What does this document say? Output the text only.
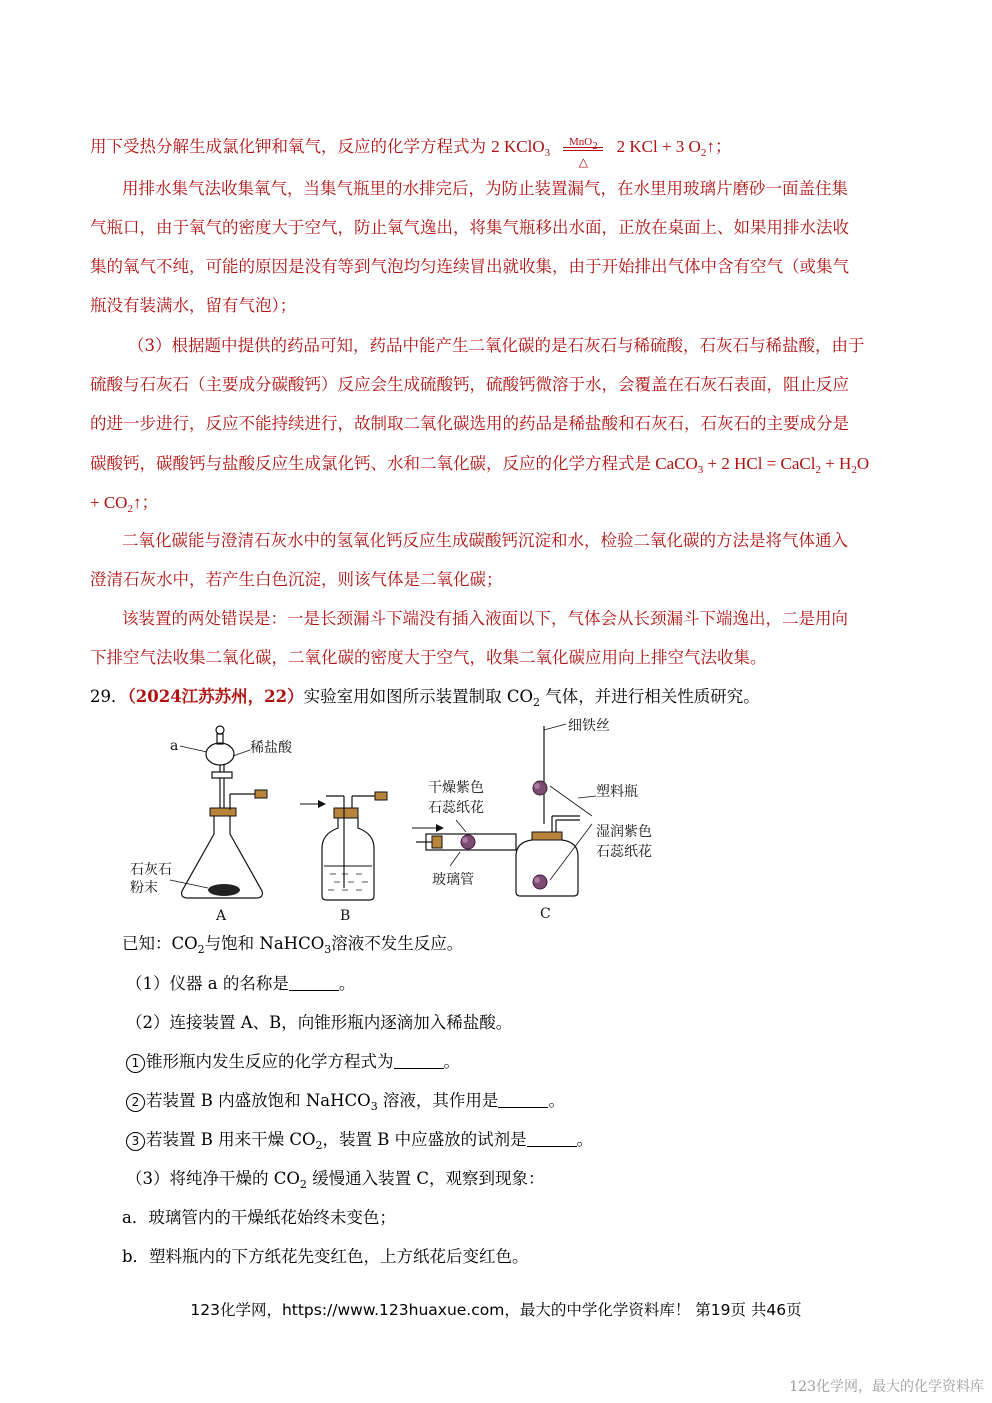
用下受热分解生成氯化钾和氧气，反应的化学方程式为 2 KClO$_3$
MnO$_2$
△
2 KCl + 3 $O_2↑$；
用排水集气法收集氧气，当集气瓶里的水排完后，为防止装置漏气，在水里用玻璃片磨砂一面盖住集
气瓶口，由于氧气的密度大于空气，防止氧气逸出，将集气瓶移出水面，正放在桌面上、如果用排水法收
集的氧气不纯，可能的原因是没有等到气泡均匀连续冒出就收集，由于开始排出气体中含有空气（或集气
瓶没有装满水，留有气泡）；
（3）根据题中提供的药品可知，药品中能产生二氧化碳的是石灰石与稀硫酸，石灰石与稀盐酸，由于
硫酸与石灰石（主要成分碳酸钙）反应会生成硫酸钙，硫酸钙微溶于水，会覆盖在石灰石表面，阻止反应
的进一步进行，反应不能持续进行，故制取二氧化碳选用的药品是稀盐酸和石灰石，石灰石的主要成分是
碳酸钙，碳酸钙与盐酸反应生成氯化钙、水和二氧化碳，反应的化学方程式是 CaCO$_3$ + 2 HCl = CaCl$_2$ + $H_2O$
+ $CO_2↑$；
二氧化碳能与澄清石灰水中的氢氧化钙反应生成碳酸钙沉淀和水，检验二氧化碳的方法是将气体通入
澄清石灰水中，若产生白色沉淀，则该气体是二氧化碳；
该装置的两处错误是：一是长颈漏斗下端没有插入液面以下，气体会从长颈漏斗下端逸出，二是用向
下排空气法收集二氧化碳，二氧化碳的密度大于空气，收集二氧化碳应用向上排空气法收集。
29．（2024江苏苏州，22）实验室用如图所示装置制取 $CO_2$ 气体，并进行相关性质研究。
a	稀盐酸
石灰石
粉末
A	B
细铁丝
干燥紫色
石蕊纸花
塑料瓶
湿润紫色
石蕊纸花
玻璃管
C
已知：$CO_2$与饱和 NaHCO$_3$溶液不发生反应。
（1）仪器 a 的名称是	。
（2）连接装置 A、B，向锥形瓶内逐滴加入稀盐酸。
1 锥形瓶内发生反应的化学方程式为	。
2 若装置 B 内盛放饱和 NaHCO$_3$ 溶液，其作用是	。
3 若装置 B 用来干燥 $CO_2$，装置 B 中应盛放的试剂是	。
（3）将纯净干燥的 $CO_2$ 缓慢通入装置 C，观察到现象：
a．玻璃管内的干燥纸花始终未变色；
b．塑料瓶内的下方纸花先变红色，上方纸花后变红色。
123化学网，https://www.123huaxue.com，最大的中学化学资料库！ 第19页 共46页
123化学网，最大的化学资料库
